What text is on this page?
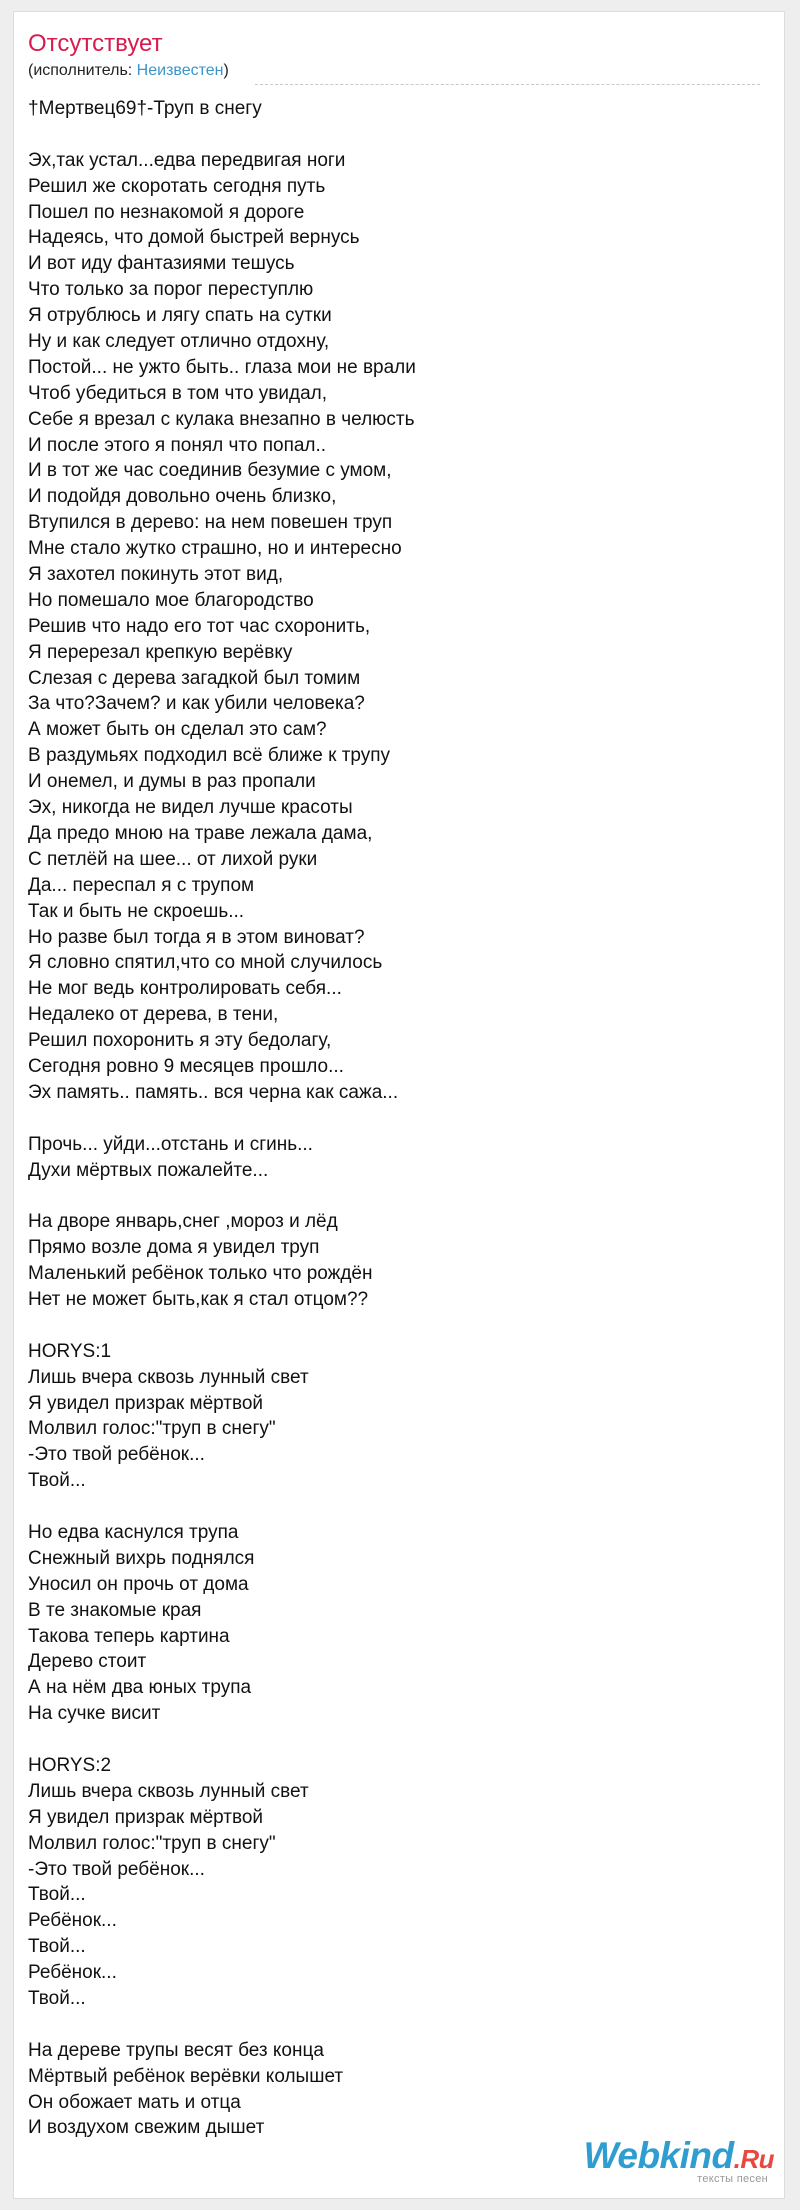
Отсутствует
(исполнитель: Неизвестен)
†Мертвец69†-Труп в снегу
Эх,так устал...едва передвигая ноги
Решил же скоротать сегодня путь
Пошел по незнакомой я дороге
Надеясь, что домой быстрей вернусь
И вот иду фантазиями тешусь
Что только за порог переступлю
Я отрублюсь и лягу спать на сутки
Ну и как следует отлично отдохну,
Постой... не ужто быть.. глаза мои не врали
Чтоб убедиться в том что увидал,
Себе я врезал с кулака внезапно в челюсть
И после этого я понял что попал..
И в тот же час соединив безумие с умом,
И подойдя довольно очень близко,
Втупился в дерево: на нем повешен труп
Мне стало жутко страшно, но и интересно
Я захотел покинуть этот вид,
Но помешало мое благородство
Решив что надо его тот час схоронить,
Я перерезал крепкую верёвку
Слезая с дерева загадкой был томим
За что?Зачем? и как убили человека?
А может быть он сделал это сам?
В раздумьях подходил всё ближе к трупу
И онемел, и думы в раз пропали
Эх, никогда не видел лучше красоты
Да предо мною на траве лежала дама,
С петлёй на шее... от лихой руки
Да... переспал я с трупом
Так и быть не скроешь...
Но разве был тогда я в этом виноват?
Я словно спятил,что со мной случилось
Не мог ведь контролировать себя...
Недалеко от дерева, в тени,
Решил похоронить я эту бедолагу,
Сегодня ровно 9 месяцев прошло...
Эх память.. память.. вся черна как сажа...
Прочь... уйди...отстань и сгинь...
Духи мёртвых пожалейте...
На дворе январь,снег ,мороз и лёд
Прямо возле дома я увидел труп
Маленький ребёнок только что рождён
Нет не может быть,как я стал отцом??
HORYS:1
Лишь вчера сквозь лунный свет
Я увидел призрак мёртвой
Молвил голос:"труп в снегу"
-Это твой ребёнок...
Твой...
Но едва каснулся трупа
Снежный вихрь поднялся
Уносил он прочь от дома
В те знакомые края
Такова теперь картина
Дерево стоит
А на нём два юных трупа
На сучке висит
HORYS:2
Лишь вчера сквозь лунный свет
Я увидел призрак мёртвой
Молвил голос:"труп в снегу"
-Это твой ребёнок...
Твой...
Ребёнок...
Твой...
Ребёнок...
Твой...
На дереве трупы весят без конца
Мёртвый ребёнок верёвки колышет
Он обожает мать и отца
И воздухом свежим дышет
Webkind.Ru
тексты песен
